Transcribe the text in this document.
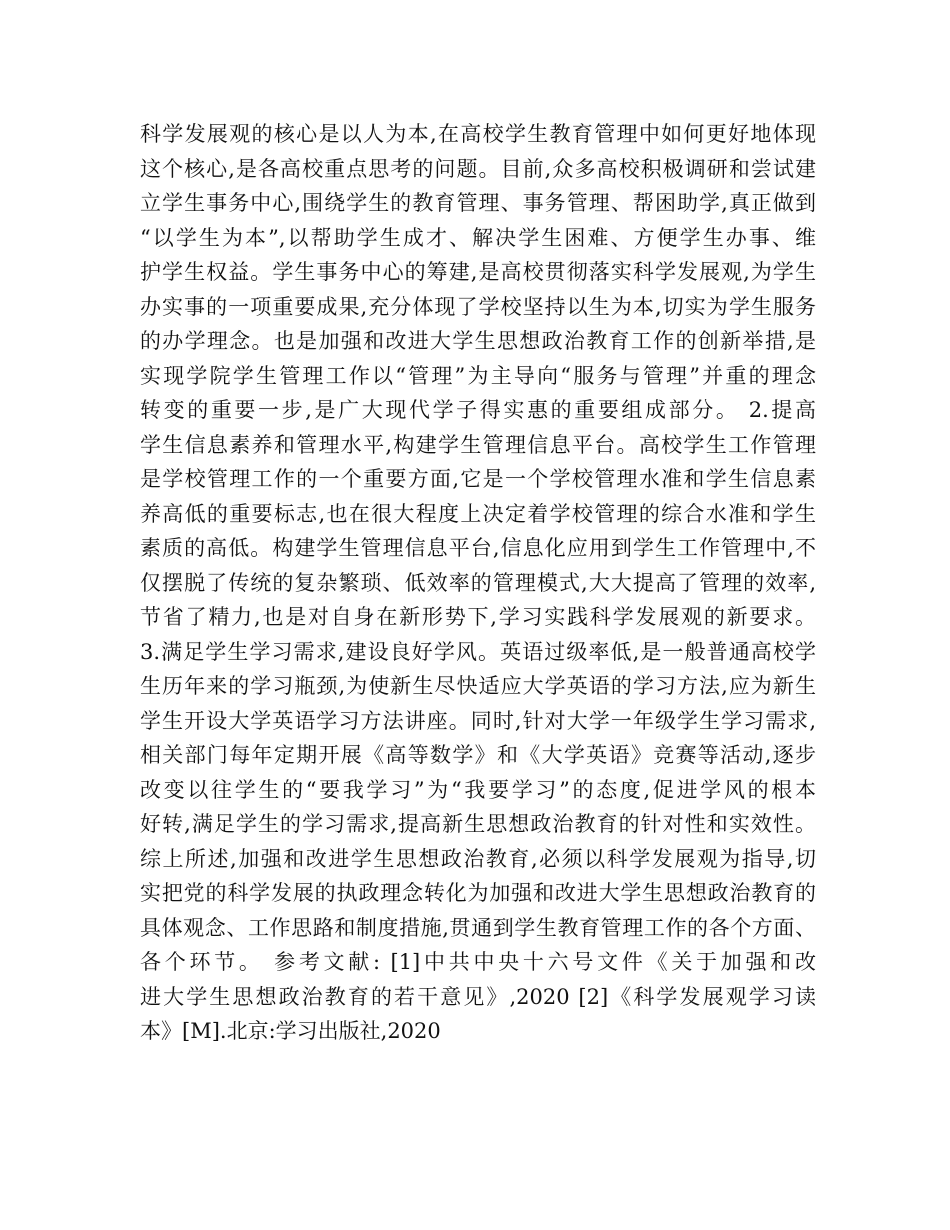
科学发展观的核心是以人为本,在高校学生教育管理中如何更好地体现
这个核心,是各高校重点思考的问题。目前,众多高校积极调研和尝试建
立学生事务中心,围绕学生的教育管理、事务管理、帮困助学,真正做到
“以学生为本”,以帮助学生成才、解决学生困难、方便学生办事、维
护学生权益。学生事务中心的筹建,是高校贯彻落实科学发展观,为学生
办实事的一项重要成果,充分体现了学校坚持以生为本,切实为学生服务
的办学理念。也是加强和改进大学生思想政治教育工作的创新举措,是
实现学院学生管理工作以“管理”为主导向“服务与管理”并重的理念
转变的重要一步,是广大现代学子得实惠的重要组成部分。 2.提高
学生信息素养和管理水平,构建学生管理信息平台。高校学生工作管理
是学校管理工作的一个重要方面,它是一个学校管理水准和学生信息素
养高低的重要标志,也在很大程度上决定着学校管理的综合水准和学生
素质的高低。构建学生管理信息平台,信息化应用到学生工作管理中,不
仅摆脱了传统的复杂繁琐、低效率的管理模式,大大提高了管理的效率,
节省了精力,也是对自身在新形势下,学习实践科学发展观的新要求。
3.满足学生学习需求,建设良好学风。英语过级率低,是一般普通高校学
生历年来的学习瓶颈,为使新生尽快适应大学英语的学习方法,应为新生
学生开设大学英语学习方法讲座。同时,针对大学一年级学生学习需求,
相关部门每年定期开展《高等数学》和《大学英语》竞赛等活动,逐步
改变以往学生的“要我学习”为“我要学习”的态度,促进学风的根本
好转,满足学生的学习需求,提高新生思想政治教育的针对性和实效性。
综上所述,加强和改进学生思想政治教育,必须以科学发展观为指导,切
实把党的科学发展的执政理念转化为加强和改进大学生思想政治教育的
具体观念、工作思路和制度措施,贯通到学生教育管理工作的各个方面、
各个环节。 参考文献: [1]中共中央十六号文件《关于加强和改
进大学生思想政治教育的若干意见》,2020 [2]《科学发展观学习读
本》[M].北京:学习出版社,2020
